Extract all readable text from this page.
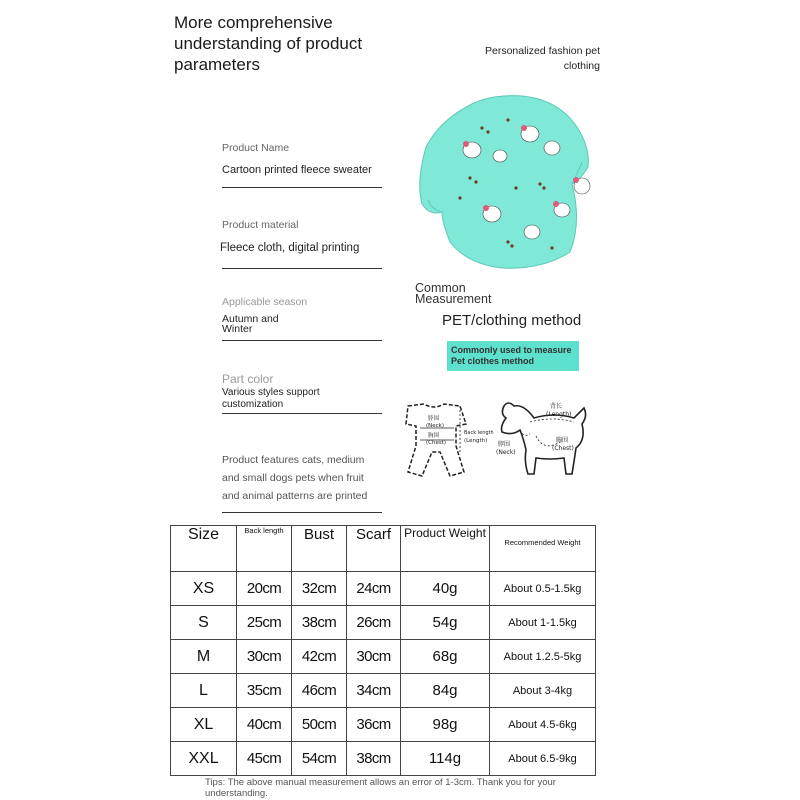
More comprehensive understanding of product parameters
Personalized fashion pet clothing
Product Name
Cartoon printed fleece sweater
Product material
Fleece cloth, digital printing
Applicable season
Autumn and Winter
Part color
Various styles support customization
Product features cats, medium and small dogs pets when fruit and animal patterns are printed
Common Measurement
PET/clothing method
Commonly used to measure Pet clothes method
脖围
(Neck)
胸围
(Chest)
Back length
(Length)
背长
(Length)
脖围
(Neck)
胸围
(Chest)
Size	Back length	Bust	Scarf	Product Weight	Recommended Weight
XS	20cm	32cm	24cm	40g	About 0.5-1.5kg
S	25cm	38cm	26cm	54g	About 1-1.5kg
M	30cm	42cm	30cm	68g	About 1.2.5-5kg
L	35cm	46cm	34cm	84g	About 3-4kg
XL	40cm	50cm	36cm	98g	About 4.5-6kg
XXL	45cm	54cm	38cm	114g	About 6.5-9kg
Tips: The above manual measurement allows an error of 1-3cm. Thank you for your understanding.
